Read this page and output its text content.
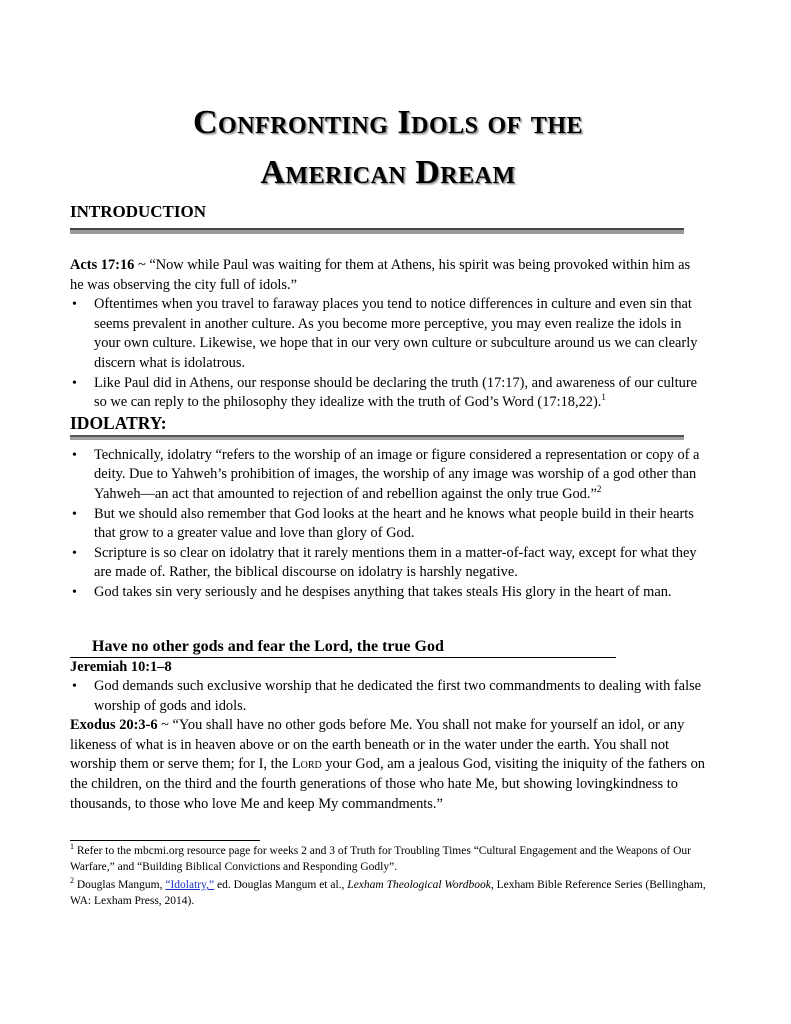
Confronting Idols of the
American Dream
INTRODUCTION

Acts 17:16 ~ “Now while Paul was waiting for them at Athens, his spirit was being provoked within him as he was observing the city full of idols.”

• Oftentimes when you travel to faraway places you tend to notice differences in culture and even sin that seems prevalent in another culture. As you become more perceptive, you may even realize the idols in your own culture. Likewise, we hope that in our very own culture or subculture around us we can clearly discern what is idolatrous.
• Like Paul did in Athens, our response should be declaring the truth (17:17), and awareness of our culture so we can reply to the philosophy they idealize with the truth of God’s Word (17:18,22).$^1$
IDOLATRY:
• Technically, idolatry “refers to the worship of an image or figure considered a representation or copy of a deity. Due to Yahweh’s prohibition of images, the worship of any image was worship of a god other than Yahweh—an act that amounted to rejection of and rebellion against the only true God.”$^2$
• But we should also remember that God looks at the heart and he knows what people build in their hearts that grow to a greater value and love than glory of God.
• Scripture is so clear on idolatry that it rarely mentions them in a matter-of-fact way, except for what they are made of. Rather, the biblical discourse on idolatry is harshly negative.
• God takes sin very seriously and he despises anything that takes steals His glory in the heart of man.
Have no other gods and fear the Lord, the true God
Jeremiah 10:1–8
• God demands such exclusive worship that he dedicated the first two commandments to dealing with false worship of gods and idols.

Exodus 20:3-6 ~ “You shall have no other gods before Me. You shall not make for yourself an idol, or any likeness of what is in heaven above or on the earth beneath or in the water under the earth. You shall not worship them or serve them; for I, the Lord your God, am a jealous God, visiting the iniquity of the fathers on the children, on the third and the fourth generations of those who hate Me, but showing lovingkindness to thousands, to those who love Me and keep My commandments.”

$^1$ Refer to the mbcmi.org resource page for weeks 2 and 3 of Truth for Troubling Times “Cultural Engagement and the Weapons of Our Warfare,” and “Building Biblical Convictions and Responding Godly”.

$^2$ Douglas Mangum, “Idolatry,” ed. Douglas Mangum et al., Lexham Theological Wordbook, Lexham Bible Reference Series (Bellingham, WA: Lexham Press, 2014).
